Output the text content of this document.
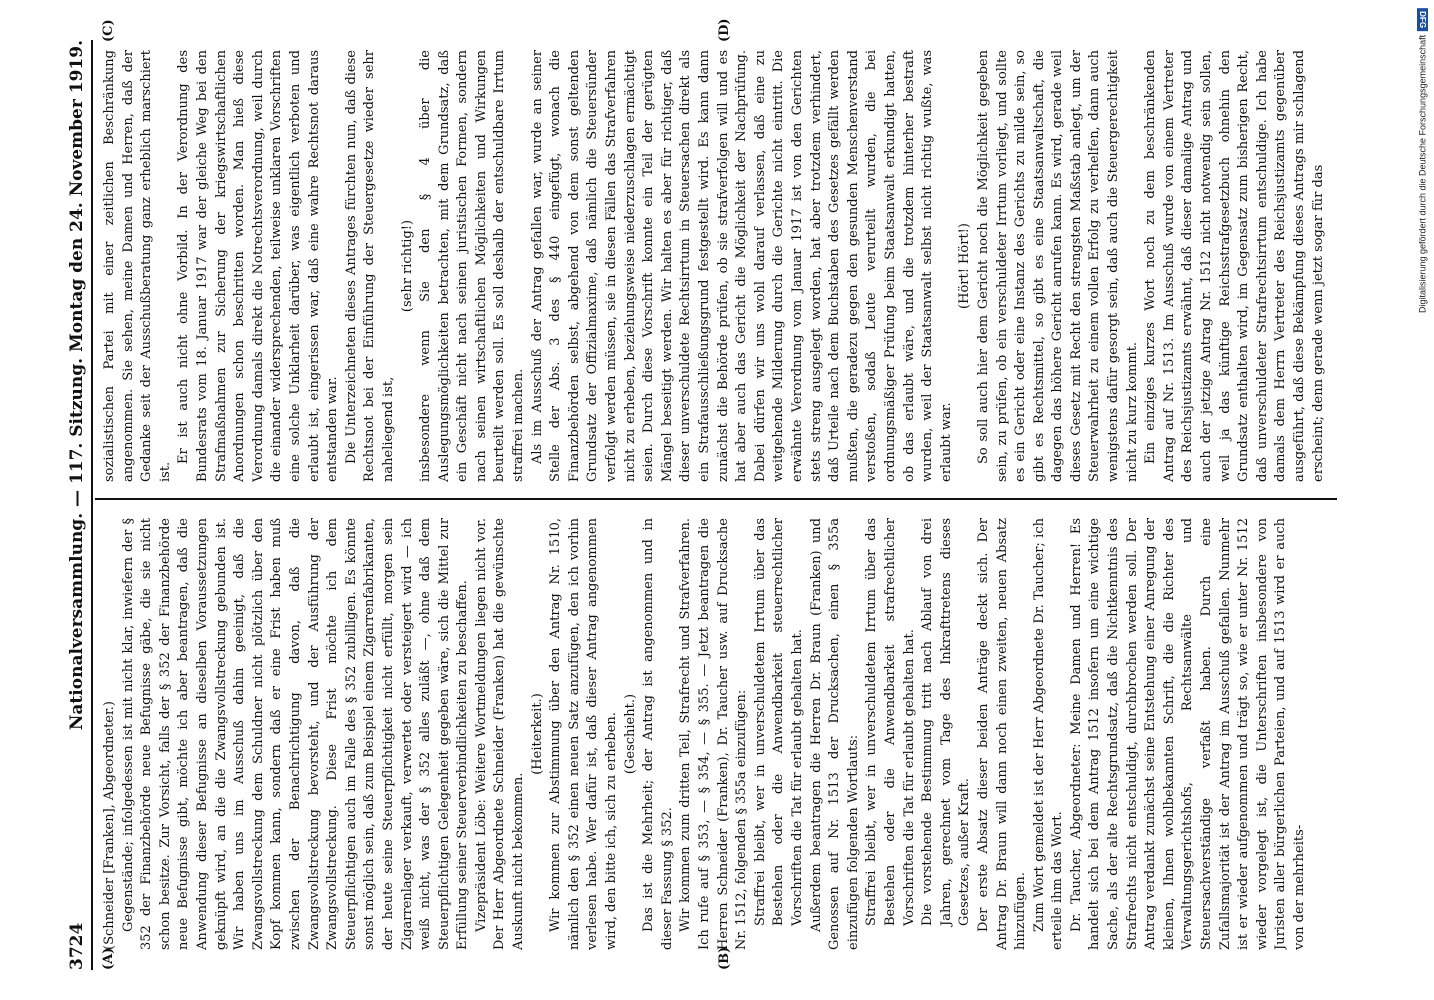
3724
Nationalversammlung. — 117. Sitzung. Montag den 24. November 1919.
(A)	(B)
(C)	(D)

(Schneider [Franken], Abgeordneter.) Gegenstände; infolgedessen ist mit nicht klar, inwiefern der § 352 der Finanzbehörde neue Befugnisse gäbe, die sie nicht schon besitze. Zur Vorsicht, falls der § 352 der Finanzbehörde neue Befugnisse gibt, möchte ich aber beantragen, daß die Anwendung dieser Befugnisse an dieselben Voraussetzungen geknüpft wird, an die die Zwangsvollstreckung gebunden ist. Wir haben uns im Ausschuß dahin geeinigt, daß die Zwangsvollstreckung dem Schuldner nicht plötzlich über den Kopf kommen kann, sondern daß er eine Frist haben muß zwischen der Benachrichtigung davon, daß die Zwangsvollstreckung bevorsteht, und der Ausführung der Zwangsvollstreckung. Diese Frist möchte ich dem Steuerpflichtigen auch im Falle des § 352 zubilligen. Es könnte sonst möglich sein, daß zum Beispiel einem Zigarrenfabrikanten, der heute seine Steuerpflichtigkeit nicht erfüllt, morgen sein Zigarrenlager verkauft, verwertet oder versteigert wird — ich weiß nicht, was der § 352 alles zuläßt —, ohne daß dem Steuerpflichtigen Gelegenheit gegeben wäre, sich die Mittel zur Erfüllung seiner Steuerverbindlichkeiten zu beschaffen. Vizepräsident Löbe: Weitere Wortmeldungen liegen nicht vor. Der Herr Abgeordnete Schneider (Franken) hat die gewünschte Auskunft nicht bekommen.

(Heiterkeit.) Wir kommen zur Abstimmung über den Antrag Nr. 1510, nämlich den § 352 einen neuen Satz anzufügen, den ich vorhin verlesen habe. Wer dafür ist, daß dieser Antrag angenommen wird, den bitte ich, sich zu erheben. (Geschieht.) Das ist die Mehrheit; der Antrag ist angenommen und in dieser Fassung § 352. Wir kommen zum dritten Teil, Strafrecht und Strafverfahren. Ich rufe auf § 353, — § 354, — § 355. — Jetzt beantragen die Herren Schneider (Franken), Dr. Taucher usw. auf Drucksache Nr. 1512, folgenden § 355a einzufügen: Straffrei bleibt, wer in unverschuldetem Irrtum über das Bestehen oder die Anwendbarkeit steuerrechtlicher Vorschriften die Tat für erlaubt gehalten hat. Außerdem beantragen die Herren Dr. Braun (Franken) und Genossen auf Nr. 1513 der Drucksachen, einen § 355a einzufügen folgenden Wortlauts: Straffrei bleibt, wer in unverschuldetem Irrtum über das Bestehen oder die Anwendbarkeit strafrechtlicher Vorschriften die Tat für erlaubt gehalten hat. Die vorstehende Bestimmung tritt nach Ablauf von drei Jahren, gerechnet vom Tage des Inkrafttretens dieses Gesetzes, außer Kraft. Der erste Absatz dieser beiden Anträge deckt sich. Der Antrag Dr. Braun will dann noch einen zweiten, neuen Absatz hinzufügen. Zum Wort gemeldet ist der Herr Abgeordnete Dr. Taucher; ich erteile ihm das Wort. Dr. Taucher, Abgeordneter: Meine Damen und Herren! Es handelt sich bei dem Antrag 1512 insofern um eine wichtige Sache, als der alte Rechtsgrundsatz, daß die Nichtkenntnis des Strafrechts nicht entschuldigt, durchbrochen werden soll. Der Antrag verdankt zunächst seine Entstehung einer Anregung der kleinen, Ihnen wohlbekannten Schrift, die die Richter des Verwaltungsgerichtshofs, Rechtsanwälte und Steuersachverständige verfaßt haben. Durch eine Zufallsmajorität ist der Antrag im Ausschuß gefallen. Nunmehr ist er wieder aufgenommen und trägt so, wie er unter Nr. 1512 wieder vorgelegt ist, die Unterschriften insbesondere von Juristen aller bürgerlichen Parteien, und auf 1513 wird er auch von der mehrheits-

sozialistischen Partei mit einer zeitlichen Beschränkung angenommen. Sie sehen, meine Damen und Herren, daß der Gedanke seit der Ausschußberatung ganz erheblich marschiert ist.

Er ist auch nicht ohne Vorbild. In der Verordnung des Bundesrats vom 18. Januar 1917 war der gleiche Weg bei den Strafmaßnahmen zur Sicherung der kriegswirtschaftlichen Anordnungen schon beschritten worden. Man hieß diese Verordnung damals direkt die Notrechtsverordnung, weil durch die einander widersprechenden, teilweise unklaren Vorschriften eine solche Unklarheit darüber, was eigentlich verboten und erlaubt ist, eingerissen war, daß eine wahre Rechtsnot daraus entstanden war. Die Unterzeichneten dieses Antrages fürchten nun, daß diese Rechtsnot bei der Einführung der Steuergesetze wieder sehr naheliegend ist,

(sehr richtig!) insbesondere wenn Sie den § 4 über die Auslegungsmöglichkeiten betrachten, mit dem Grundsatz, daß ein Geschäft nicht nach seinen juristischen Formen, sondern nach seinen wirtschaftlichen Möglichkeiten und Wirkungen beurteilt werden soll. Es soll deshalb der entschuldbare Irrtum straffrei machen. Als im Ausschuß der Antrag gefallen war, wurde an seiner Stelle der Abs. 3 des § 440 eingefügt, wonach die Finanzbehörden selbst, abgehend von dem sonst geltenden Grundsatz der Offizialmaxime, daß nämlich die Steuersünder verfolgt werden müssen, sie in diesen Fällen das Strafverfahren nicht zu erheben, beziehungsweise niederzuschlagen ermächtigt seien. Durch diese Vorschrift konnte ein Teil der gerügten Mängel beseitigt werden. Wir halten es aber für richtiger, daß dieser unverschuldete Rechtsirrtum in Steuersachen direkt als ein Strafausschließungsgrund festgestellt wird. Es kann dann zunächst die Behörde prüfen, ob sie strafverfolgen will und es hat aber auch das Gericht die Möglichkeit der Nachprüfung. Dabei dürfen wir uns wohl darauf verlassen, daß eine zu weitgehende Milderung durch die Gerichte nicht eintritt. Die erwähnte Verordnung vom Januar 1917 ist von den Gerichten stets streng ausgelegt worden, hat aber trotzdem verhindert, daß Urteile nach dem Buchstaben des Gesetzes gefällt werden mußten, die geradezu gegen den gesunden Menschenverstand verstoßen, sodaß Leute verurteilt wurden, die bei ordnungsmäßiger Prüfung beim Staatsanwalt erkundigt hatten, ob das erlaubt wäre, und die trotzdem hinterher bestraft wurden, weil der Staatsanwalt selbst nicht richtig wußte, was erlaubt war.

(Hört! Hört!) So soll auch hier dem Gericht noch die Möglichkeit gegeben sein, zu prüfen, ob ein verschuldeter Irrtum vorliegt, und sollte es ein Gericht oder eine Instanz des Gerichts zu milde sein, so gibt es Rechtsmittel, so gibt es eine Staatsanwaltschaft, die dagegen das höhere Gericht anrufen kann. Es wird, gerade weil dieses Gesetz mit Recht den strengsten Maßstab anlegt, um der Steuerwahrheit zu einem vollen Erfolg zu verhelfen, dann auch wenigstens dafür gesorgt sein, daß auch die Steuergerechtigkeit nicht zu kurz kommt. Ein einziges kurzes Wort noch zu dem beschränkenden Antrag auf Nr. 1513. Im Ausschuß wurde von einem Vertreter des Reichsjustizamts erwähnt, daß dieser damalige Antrag und auch der jetzige Antrag Nr. 1512 nicht notwendig sein sollen, weil ja das künftige Reichsstrafgesetzbuch ohnehin den Grundsatz enthalten wird, im Gegensatz zum bisherigen Recht, daß unverschuldeter Strafrechtsirrtum entschuldige. Ich habe damals dem Herrn Vertreter des Reichsjustizamts gegenüber ausgeführt, daß diese Bekämpfung dieses Antrags mir schlagend erscheint; denn gerade wenn jetzt sogar für das	Digitalisierung gefördert durch die Deutsche Forschungsgemeinschaft
DFG
